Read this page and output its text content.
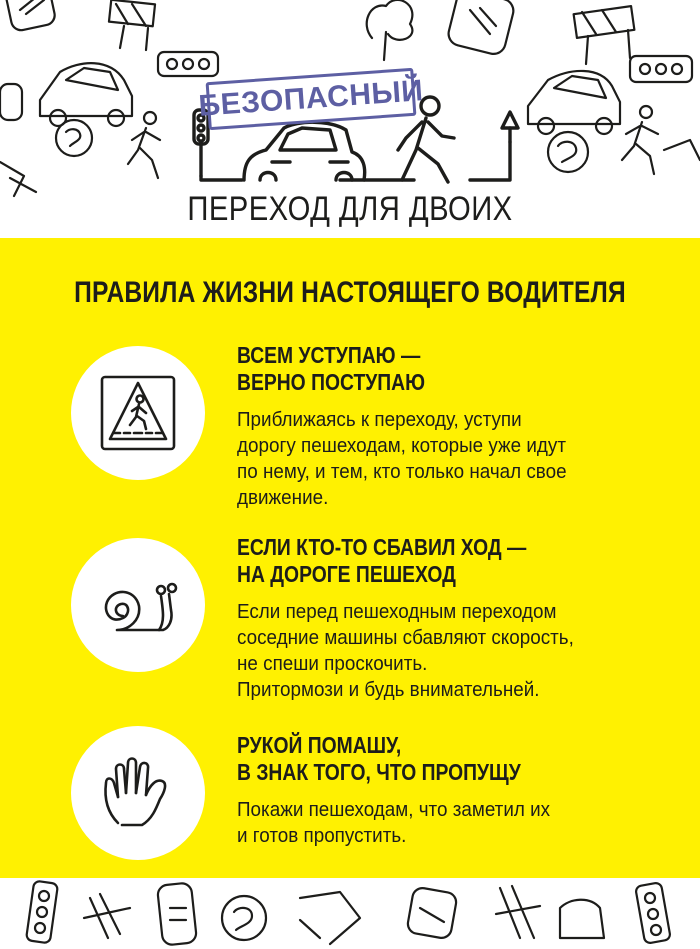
БЕЗОПАСНЫЙ
ПЕРЕХОД ДЛЯ ДВОИХ
ПРАВИЛА ЖИЗНИ НАСТОЯЩЕГО ВОДИТЕЛЯ
ВСЕМ УСТУПАЮ —
ВЕРНО ПОСТУПАЮ
Приближаясь к переходу, уступи
дорогу пешеходам, которые уже идут
по нему, и тем, кто только начал свое
движение.
ЕСЛИ КТО-ТО СБАВИЛ ХОД —
НА ДОРОГЕ ПЕШЕХОД
Если перед пешеходным переходом
соседние машины сбавляют скорость,
не спеши проскочить.
Притормози и будь внимательней.
РУКОЙ ПОМАШУ,
В ЗНАК ТОГО, ЧТО ПРОПУЩУ
Покажи пешеходам, что заметил их
и готов пропустить.
